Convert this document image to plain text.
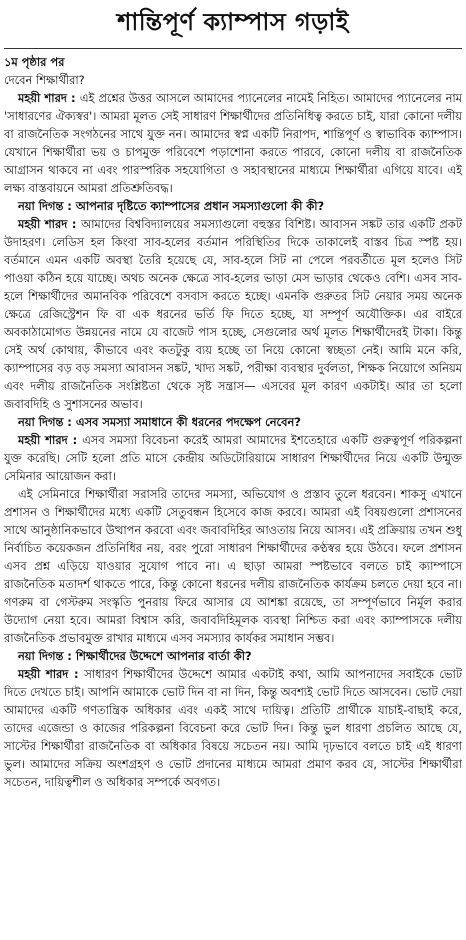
শান্তিপূর্ণ ক্যাম্পাস গড়াই
১ম পৃষ্ঠার পর

দেবেন শিক্ষার্থীরা?

মহয়ী শারদ : এই প্রশ্নের উত্তর আসলে আমাদের প্যানেলের নামেই নিহিত। আমাদের প্যানেলের নাম 'সাধারণের ঐক্যস্বর'। আমরা মূলত সেই সাধারণ শিক্ষার্থীদের প্রতিনিধিত্ব করতে চাই, যারা কোনো দলীয় বা রাজনৈতিক সংগঠনের সাথে যুক্ত নন। আমাদের স্বপ্ন একটি নিরাপদ, শান্তিপূর্ণ ও স্বাভাবিক ক্যাম্পাস। যেখানে শিক্ষার্থীরা ভয় ও চাপমুক্ত পরিবেশে পড়াশোনা করতে পারবে, কোনো দলীয় বা রাজনৈতিক আগ্রাসন থাকবে না এবং পারস্পরিক সহযোগিতা ও সহাবস্থানের মাধ্যমে শিক্ষার্থীরা এগিয়ে যাবে। এই লক্ষ্য বাস্তবায়নে আমরা প্রতিশ্রুতিবদ্ধ।

নয়া দিগন্ত : আপনার দৃষ্টিতে ক্যাম্পাসের প্রধান সমস্যাগুলো কী কী?

মহয়ী শারদ : আমাদের বিশ্ববিদ্যালয়ের সমস্যাগুলো বহুস্তর বিশিষ্ট। আবাসন সঙ্কট তার একটি প্রকট উদাহরণ। লেডিস হল কিংবা সাব-হলের বর্তমান পরিস্থিতির দিকে তাকালেই বাস্তব চিত্র স্পষ্ট হয়। বর্তমানে এমন একটি অবস্থা তৈরি হয়েছে যে, সাব-হলে সিট না পেলে পরবর্তীতে মূল হলেও সিট পাওয়া কঠিন হয়ে যাচ্ছে। অথচ অনেক ক্ষেত্রে সাব-হলের ভাড়া মেস ভাড়ার থেকেও বেশি। এসব সাব-হলে শিক্ষার্থীদের অমানবিক পরিবেশে বসবাস করতে হচ্ছে। এমনকি গুরুতর সিট নেয়ার সময় অনেক ক্ষেত্রে রেজিস্ট্রেশন ফি বা এক ধরনের ভর্তি ফি দিতে হচ্ছে, যা সম্পূর্ণ অযৌক্তিক। এর বাইরে অবকাঠামোগত উন্নয়নের নামে যে বাজেট পাস হচ্ছে, সেগুলোর অর্থ মূলত শিক্ষার্থীদেরই টাকা। কিন্তু সেই অর্থ কোথায়, কীভাবে এবং কতটুকু ব্যয় হচ্ছে তা নিয়ে কোনো স্বচ্ছতা নেই। আমি মনে করি, ক্যাম্পাসের বড় বড় সমস্যা আবাসন সঙ্কট, খাদ্য সঙ্কট, পরীক্ষা ব্যবস্থার দুর্বলতা, শিক্ষক নিয়োগে অনিয়ম এবং দলীয় রাজনৈতিক সংশ্লিষ্টতা থেকে সৃষ্ট সন্ত্রাস— এসবের মূল কারণ একটাই। আর তা হলো জবাবদিহি ও সুশাসনের অভাব।

নয়া দিগন্ত : এসব সমস্যা সমাধানে কী ধরনের পদক্ষেপ নেবেন?

মহয়ী শারদ : এসব সমস্যা বিবেচনা করেই আমরা আমাদের ইশতেহারে একটি গুরুত্বপূর্ণ পরিকল্পনা যুক্ত করেছি। সেটি হলো প্রতি মাসে কেন্দ্রীয় অডিটোরিয়ামে সাধারণ শিক্ষার্থীদের নিয়ে একটি উন্মুক্ত সেমিনার আয়োজন করা।

এই সেমিনারে শিক্ষার্থীরা সরাসরি তাদের সমস্যা, অভিযোগ ও প্রস্তাব তুলে ধরবেন। শাকসু এখানে প্রশাসন ও শিক্ষার্থীদের মধ্যে একটি সেতুবন্ধন হিসেবে কাজ করবে। আমরা এই বিষয়গুলো প্রশাসনের সাথে আনুষ্ঠানিকভাবে উত্থাপন করবো এবং জবাবদিহির আওতায় নিয়ে আসব। এই প্রক্রিয়ায় তখন শুধু নির্বাচিত কয়েকজন প্রতিনিধির নয়, বরং পুরো সাধারণ শিক্ষার্থীদের কণ্ঠস্বর হয়ে উঠবে। ফলে প্রশাসন এসব প্রশ্ন এড়িয়ে যাওয়ার সুযোগ পাবে না। এ ছাড়া আমরা স্পষ্টভাবে বলতে চাই ক্যাম্পাসে রাজনৈতিক মতাদর্শ থাকতে পারে, কিন্তু কোনো ধরনের দলীয় রাজনৈতিক কার্যক্রম চলতে দেয়া হবে না। গণরুম বা গেস্টরুম সংস্কৃতি পুনরায় ফিরে আসার যে আশঙ্কা রয়েছে, তা সম্পূর্ণভাবে নির্মূল করার উদ্যোগ নেয়া হবে। আমরা বিশ্বাস করি, জবাবদিহিমূলক ব্যবস্থা নিশ্চিত করা এবং ক্যাম্পাসকে দলীয় রাজনৈতিক প্রভাবমুক্ত রাখার মাধ্যমে এসব সমস্যার কার্যকর সমাধান সম্ভব।

নয়া দিগন্ত : শিক্ষার্থীদের উদ্দেশে আপনার বার্তা কী?

মহয়ী শারদ : সাধারণ শিক্ষার্থীদের উদ্দেশে আমার একটাই কথা, আমি আপনাদের সবাইকে ভোট দিতে দেখতে চাই। আপনি আমাকে ভোট দিন বা না দিন, কিন্তু অবশ্যই ভোট দিতে আসবেন। ভোট দেয়া আমাদের একটি গণতান্ত্রিক অধিকার এবং একই সাথে দায়িত্ব। প্রতিটি প্রার্থীকে যাচাই-বাছাই করে, তাদের এজেন্ডা ও কাজের পরিকল্পনা বিবেচনা করে ভোট দিন। কিন্তু ভুল ধারণা প্রচলিত আছে যে, সাস্টের শিক্ষার্থীরা রাজনৈতিক বা অধিকার বিষয়ে সচেতন নয়। আমি দৃঢ়ভাবে বলতে চাই এই ধারণা ভুল। আমাদের সক্রিয় অংশগ্রহণ ও ভোট প্রদানের মাধ্যমে আমরা প্রমাণ করব যে, সাস্টের শিক্ষার্থীরা সচেতন, দায়িত্বশীল ও অধিকার সম্পর্কে অবগত।
